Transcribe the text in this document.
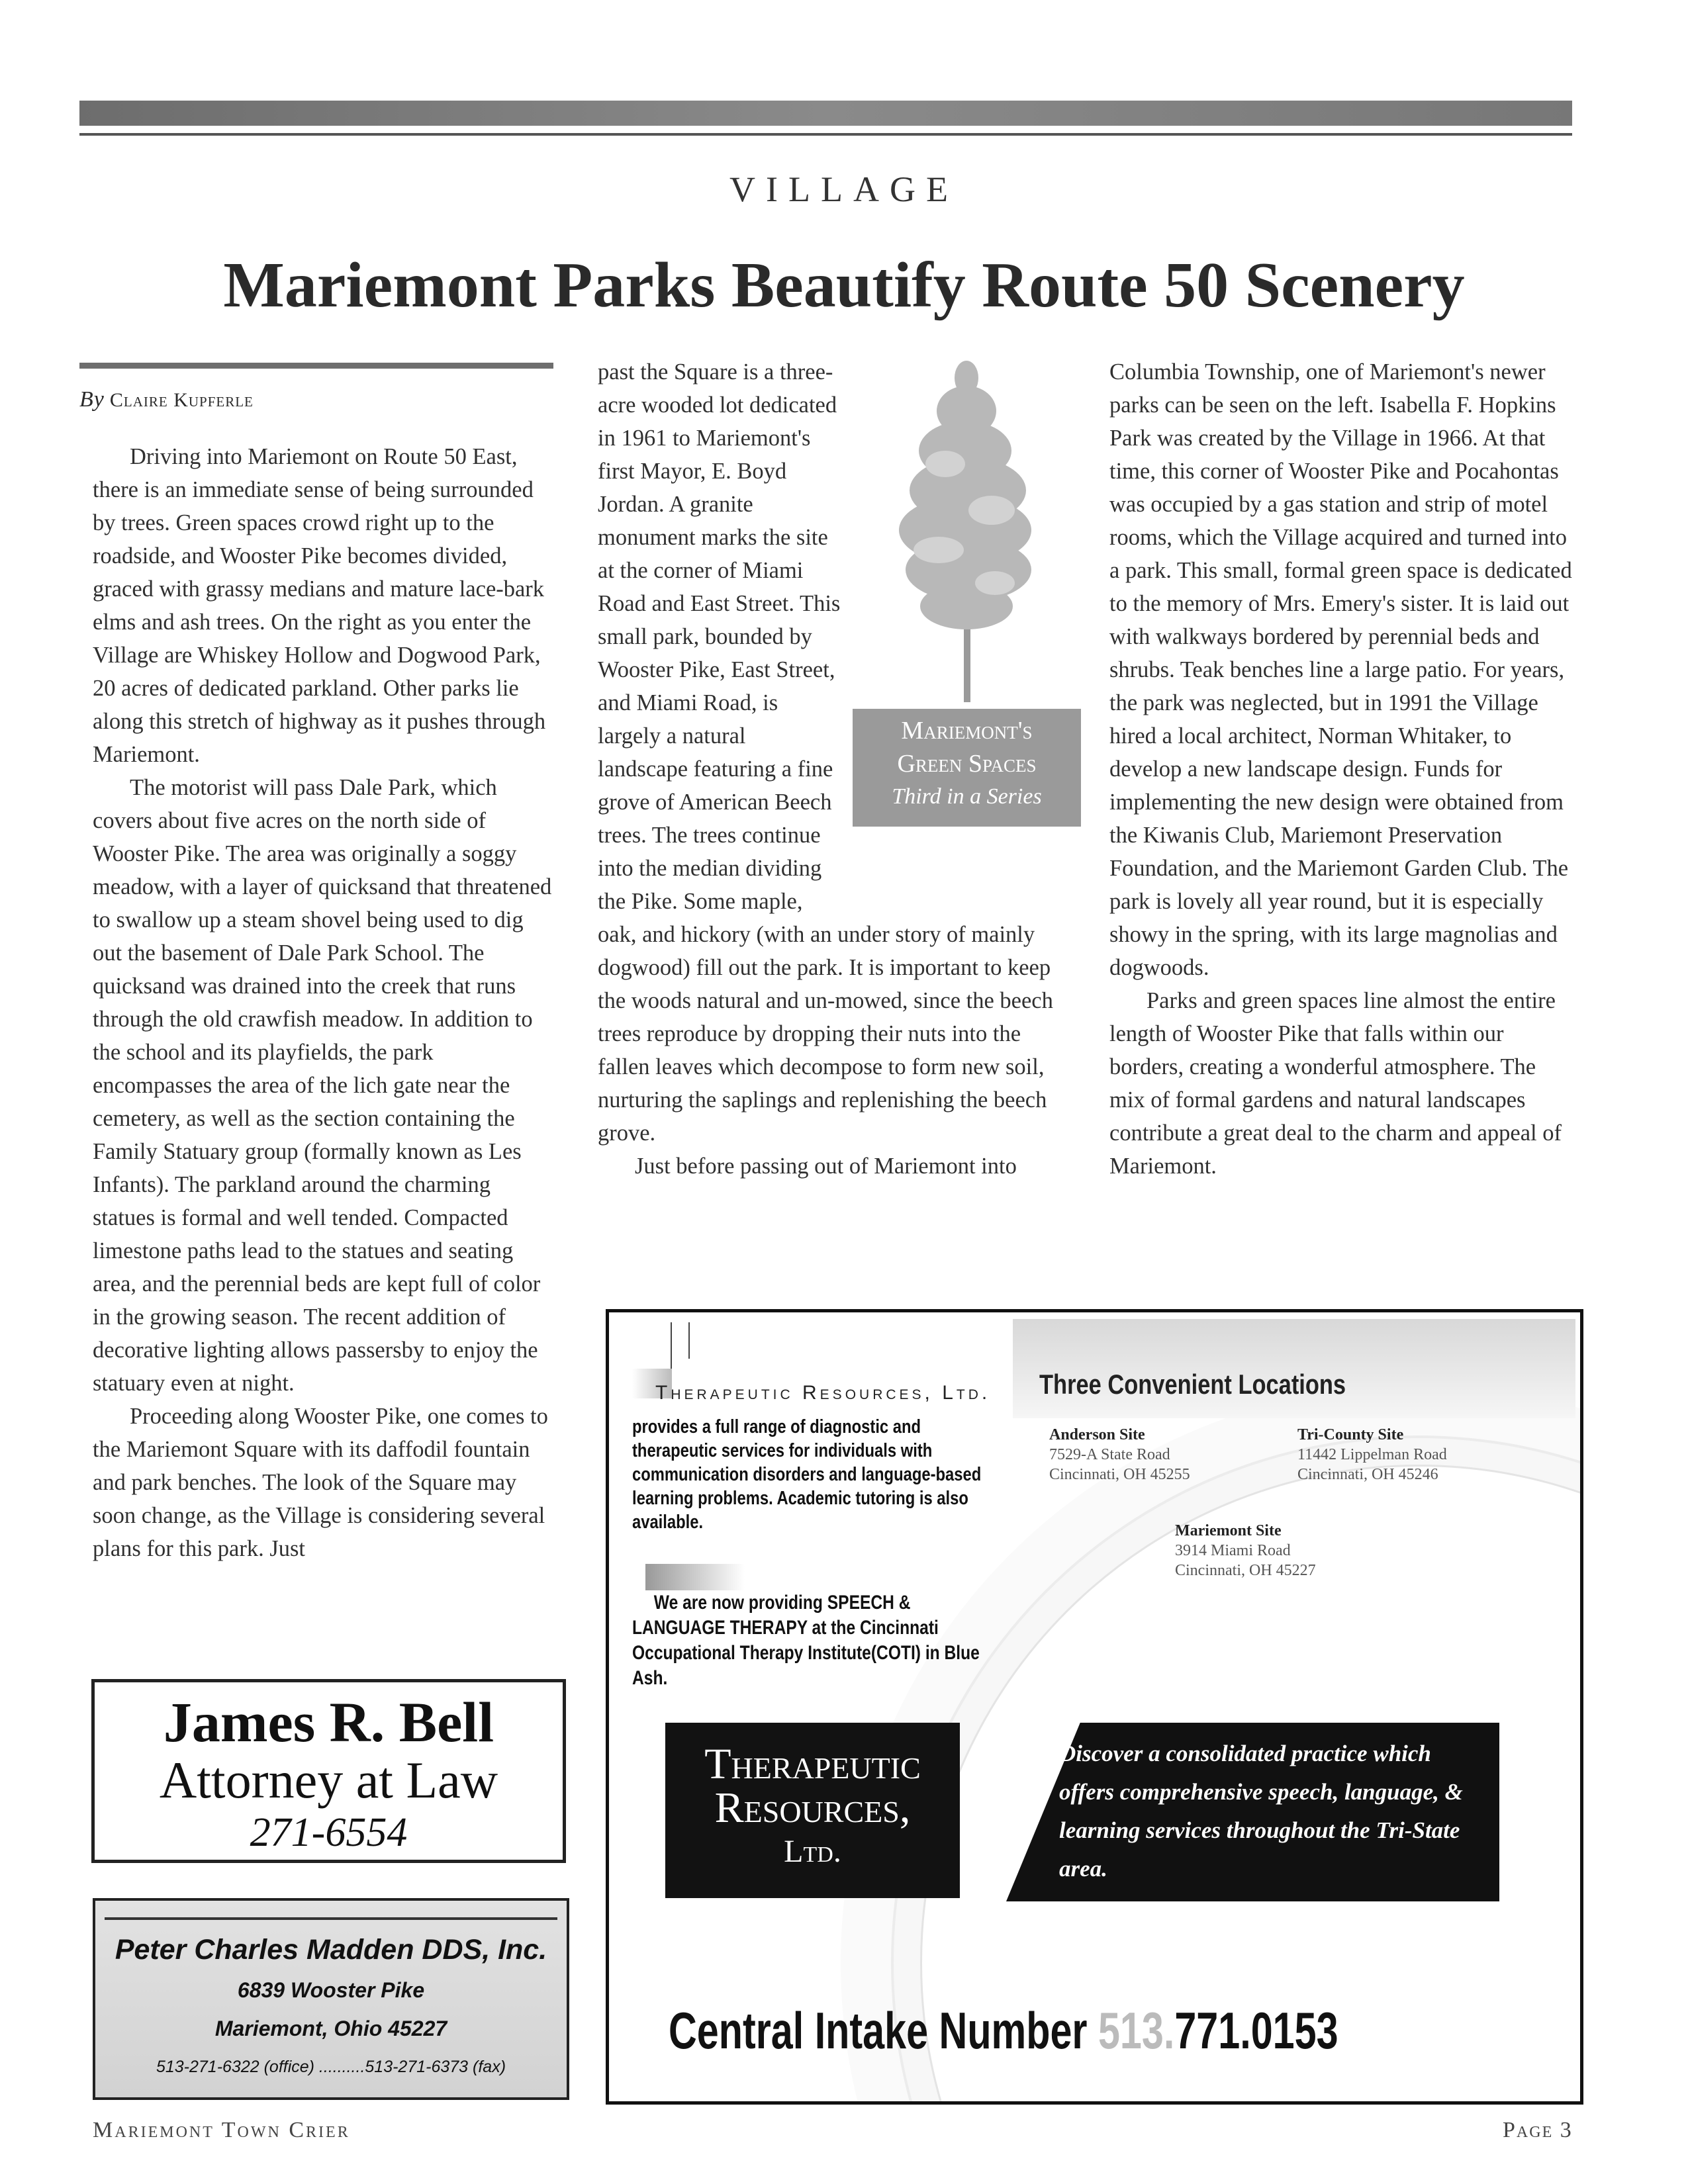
VILLAGE
Mariemont Parks Beautify Route 50 Scenery
By Claire Kupferle

Driving into Mariemont on Route 50 East, there is an immediate sense of being surrounded by trees. Green spaces crowd right up to the roadside, and Wooster Pike becomes divided, graced with grassy medians and mature lace-bark elms and ash trees. On the right as you enter the Village are Whiskey Hollow and Dogwood Park, 20 acres of dedicated parkland. Other parks lie along this stretch of highway as it pushes through Mariemont.

The motorist will pass Dale Park, which covers about five acres on the north side of Wooster Pike. The area was originally a soggy meadow, with a layer of quicksand that threatened to swallow up a steam shovel being used to dig out the basement of Dale Park School. The quicksand was drained into the creek that runs through the old crawfish meadow. In addition to the school and its playfields, the park encompasses the area of the lich gate near the cemetery, as well as the section containing the Family Statuary group (formally known as Les Infants). The parkland around the charming statues is formal and well tended. Compacted limestone paths lead to the statues and seating area, and the perennial beds are kept full of color in the growing season. The recent addition of decorative lighting allows passersby to enjoy the statuary even at night.

Proceeding along Wooster Pike, one comes to the Mariemont Square with its daffodil fountain and park benches. The look of the Square may soon change, as the Village is considering several plans for this park. Just

Mariemont's
Green Spaces
Third in a Series

past the Square is a three-acre wooded lot dedicated in 1961 to Mariemont's first Mayor, E. Boyd Jordan. A granite monument marks the site at the corner of Miami Road and East Street. This small park, bounded by Wooster Pike, East Street, and Miami Road, is largely a natural landscape featuring a fine grove of American Beech trees. The trees continue into the median dividing the Pike. Some maple, oak, and hickory (with an under story of mainly dogwood) fill out the park. It is important to keep the woods natural and un-mowed, since the beech trees reproduce by dropping their nuts into the fallen leaves which decompose to form new soil, nurturing the saplings and replenishing the beech grove.

Just before passing out of Mariemont into

Columbia Township, one of Mariemont's newer parks can be seen on the left. Isabella F. Hopkins Park was created by the Village in 1966. At that time, this corner of Wooster Pike and Pocahontas was occupied by a gas station and strip of motel rooms, which the Village acquired and turned into a park. This small, formal green space is dedicated to the memory of Mrs. Emery's sister. It is laid out with walkways bordered by perennial beds and shrubs. Teak benches line a large patio. For years, the park was neglected, but in 1991 the Village hired a local architect, Norman Whitaker, to develop a new landscape design. Funds for implementing the new design were obtained from the Kiwanis Club, Mariemont Preservation Foundation, and the Mariemont Garden Club. The park is lovely all year round, but it is especially showy in the spring, with its large magnolias and dogwoods.

Parks and green spaces line almost the entire length of Wooster Pike that falls within our borders, creating a wonderful atmosphere. The mix of formal gardens and natural landscapes contribute a great deal to the charm and appeal of Mariemont.

James R. Bell
Attorney at Law
271-6554
Peter Charles Madden DDS, Inc.
6839 Wooster Pike
Mariemont, Ohio 45227
513-271-6322 (office) ..........513-271-6373 (fax)
Therapeutic Resources, Ltd.
provides a full range of diagnostic and therapeutic services for individuals with communication disorders and language-based learning problems. Academic tutoring is also available.
We are now providing SPEECH & LANGUAGE THERAPY at the Cincinnati Occupational Therapy Institute(COTI) in Blue Ash.
Three Convenient Locations
Anderson Site
7529-A State Road
Cincinnati, OH 45255
Tri-County Site
11442 Lippelman Road
Cincinnati, OH 45246
Mariemont Site
3914 Miami Road
Cincinnati, OH 45227
Therapeutic
Resources,
Ltd.
Discover a consolidated practice which offers comprehensive speech, language, & learning services throughout the Tri-State area.
Central Intake Number 513.771.0153
Mariemont Town Crier	Page 3
